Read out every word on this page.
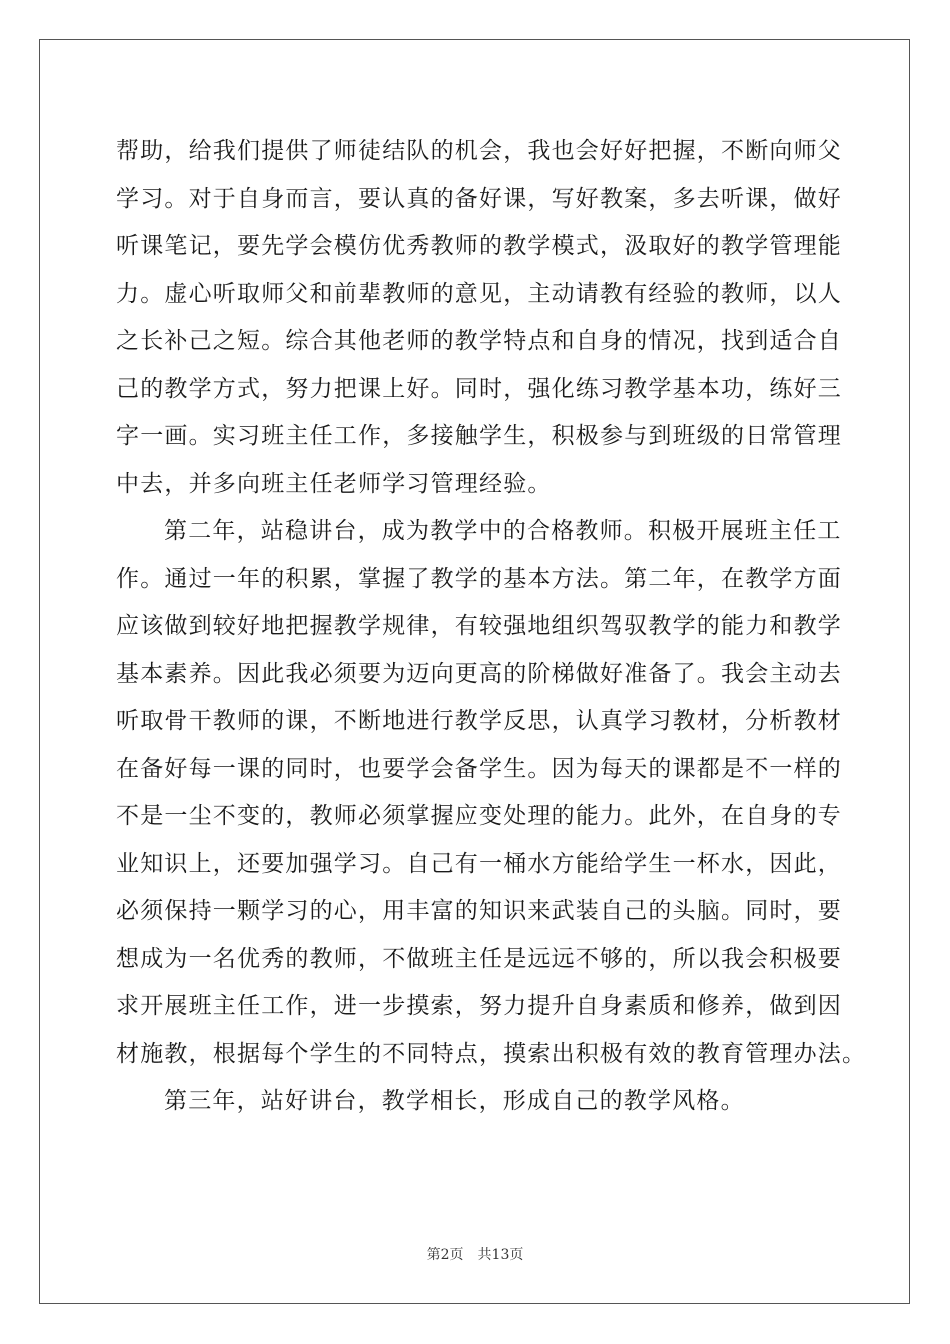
帮助，给我们提供了师徒结队的机会，我也会好好把握，不断向师父
学习。对于自身而言，要认真的备好课，写好教案，多去听课，做好
听课笔记，要先学会模仿优秀教师的教学模式，汲取好的教学管理能
力。虚心听取师父和前辈教师的意见，主动请教有经验的教师，以人
之长补己之短。综合其他老师的教学特点和自身的情况，找到适合自
己的教学方式，努力把课上好。同时，强化练习教学基本功，练好三
字一画。实习班主任工作，多接触学生，积极参与到班级的日常管理
中去，并多向班主任老师学习管理经验。
第二年，站稳讲台，成为教学中的合格教师。积极开展班主任工
作。通过一年的积累，掌握了教学的基本方法。第二年，在教学方面
应该做到较好地把握教学规律，有较强地组织驾驭教学的能力和教学
基本素养。因此我必须要为迈向更高的阶梯做好准备了。我会主动去
听取骨干教师的课，不断地进行教学反思，认真学习教材，分析教材
在备好每一课的同时，也要学会备学生。因为每天的课都是不一样的
不是一尘不变的，教师必须掌握应变处理的能力。此外，在自身的专
业知识上，还要加强学习。自己有一桶水方能给学生一杯水，因此，
必须保持一颗学习的心，用丰富的知识来武装自己的头脑。同时，要
想成为一名优秀的教师，不做班主任是远远不够的，所以我会积极要
求开展班主任工作，进一步摸索，努力提升自身素质和修养，做到因
材施教，根据每个学生的不同特点，摸索出积极有效的教育管理办法。
第三年，站好讲台，教学相长，形成自己的教学风格。
第2页 共13页
